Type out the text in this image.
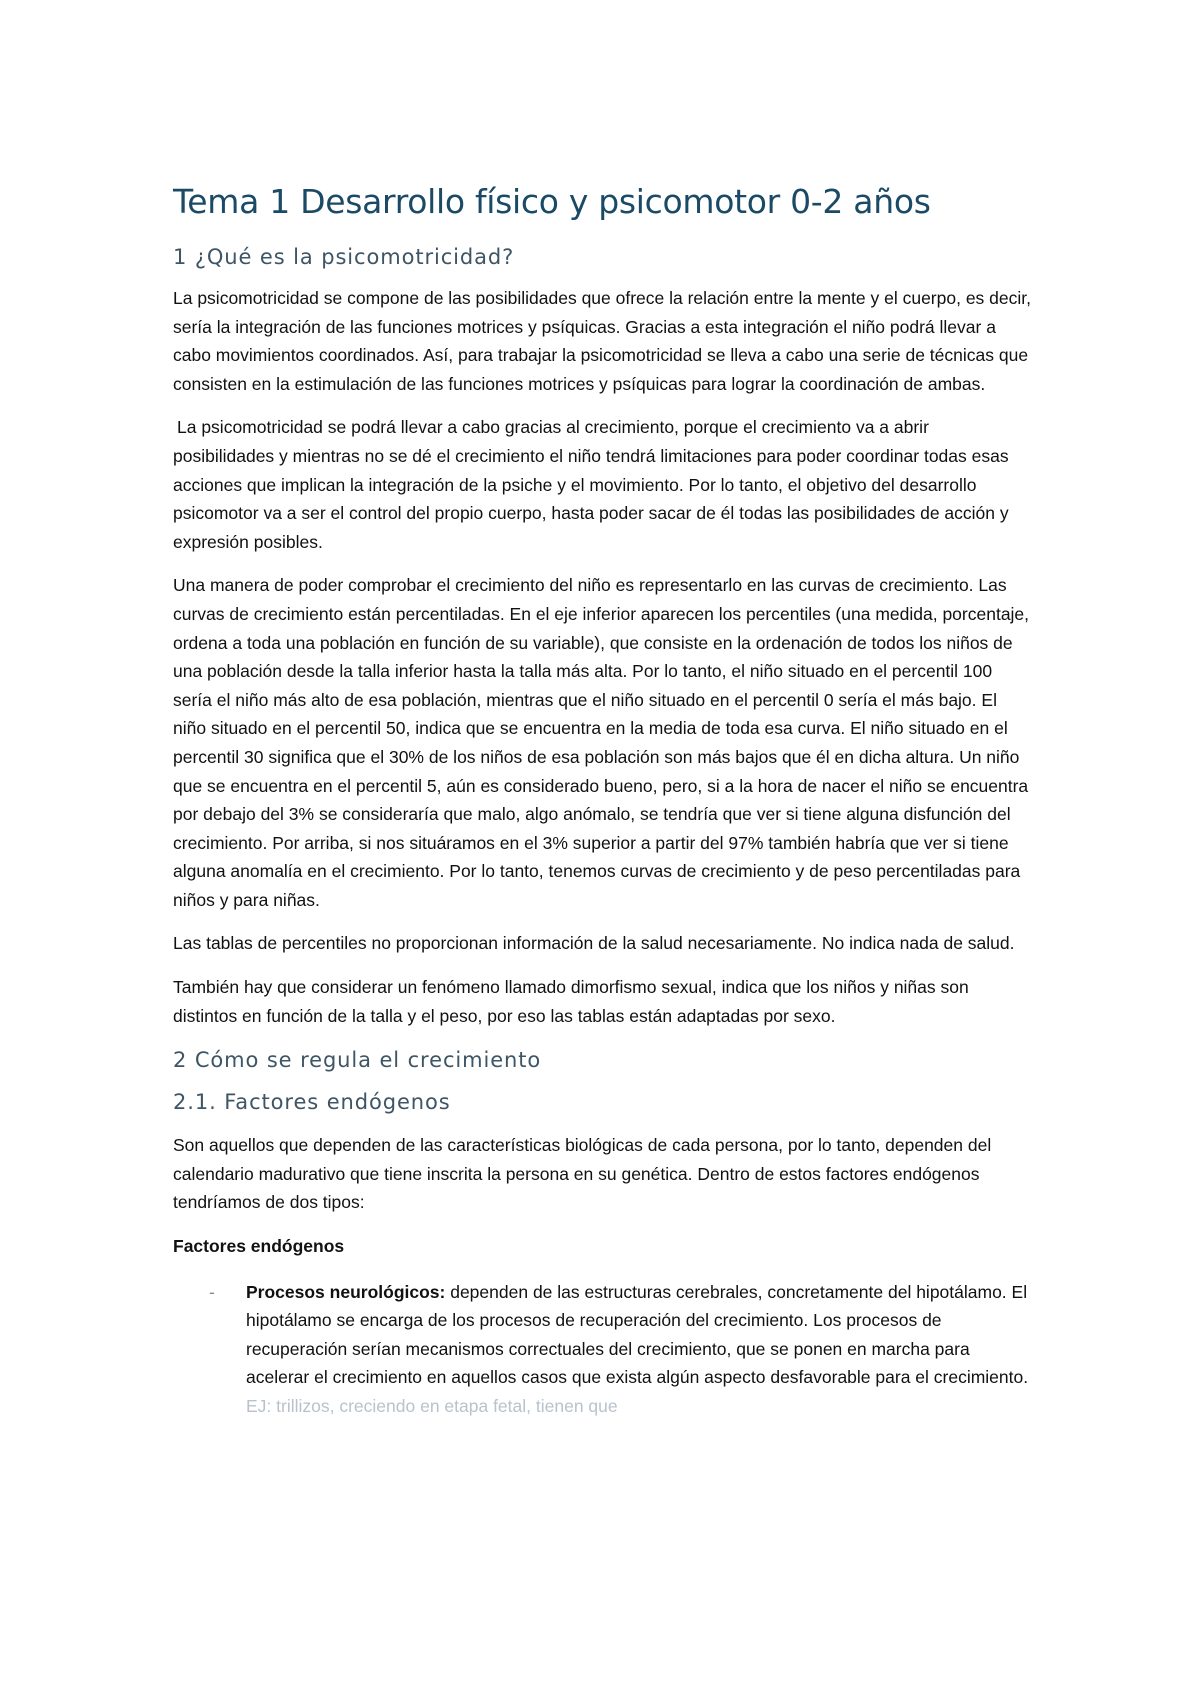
Tema 1 Desarrollo físico y psicomotor 0-2 años
1 ¿Qué es la psicomotricidad?

La psicomotricidad se compone de las posibilidades que ofrece la relación entre la mente y el cuerpo, es decir, sería la integración de las funciones motrices y psíquicas. Gracias a esta integración el niño podrá llevar a cabo movimientos coordinados. Así, para trabajar la psicomotricidad se lleva a cabo una serie de técnicas que consisten en la estimulación de las funciones motrices y psíquicas para lograr la coordinación de ambas.

La psicomotricidad se podrá llevar a cabo gracias al crecimiento, porque el crecimiento va a abrir posibilidades y mientras no se dé el crecimiento el niño tendrá limitaciones para poder coordinar todas esas acciones que implican la integración de la psiche y el movimiento. Por lo tanto, el objetivo del desarrollo psicomotor va a ser el control del propio cuerpo, hasta poder sacar de él todas las posibilidades de acción y expresión posibles.

Una manera de poder comprobar el crecimiento del niño es representarlo en las curvas de crecimiento. Las curvas de crecimiento están percentiladas. En el eje inferior aparecen los percentiles (una medida, porcentaje, ordena a toda una población en función de su variable), que consiste en la ordenación de todos los niños de una población desde la talla inferior hasta la talla más alta. Por lo tanto, el niño situado en el percentil 100 sería el niño más alto de esa población, mientras que el niño situado en el percentil 0 sería el más bajo. El niño situado en el percentil 50, indica que se encuentra en la media de toda esa curva. El niño situado en el percentil 30 significa que el 30% de los niños de esa población son más bajos que él en dicha altura. Un niño que se encuentra en el percentil 5, aún es considerado bueno, pero, si a la hora de nacer el niño se encuentra por debajo del 3% se consideraría que malo, algo anómalo, se tendría que ver si tiene alguna disfunción del crecimiento. Por arriba, si nos situáramos en el 3% superior a partir del 97% también habría que ver si tiene alguna anomalía en el crecimiento. Por lo tanto, tenemos curvas de crecimiento y de peso percentiladas para niños y para niñas.

Las tablas de percentiles no proporcionan información de la salud necesariamente. No indica nada de salud.

También hay que considerar un fenómeno llamado dimorfismo sexual, indica que los niños y niñas son distintos en función de la talla y el peso, por eso las tablas están adaptadas por sexo.

2 Cómo se regula el crecimiento
2.1. Factores endógenos

Son aquellos que dependen de las características biológicas de cada persona, por lo tanto, dependen del calendario madurativo que tiene inscrita la persona en su genética. Dentro de estos factores endógenos tendríamos de dos tipos:

Factores endógenos

- Procesos neurológicos: dependen de las estructuras cerebrales, concretamente del hipotálamo. El hipotálamo se encarga de los procesos de recuperación del crecimiento. Los procesos de recuperación serían mecanismos correctuales del crecimiento, que se ponen en marcha para acelerar el crecimiento en aquellos casos que exista algún aspecto desfavorable para el crecimiento. EJ: trillizos, creciendo en etapa fetal, tienen que
